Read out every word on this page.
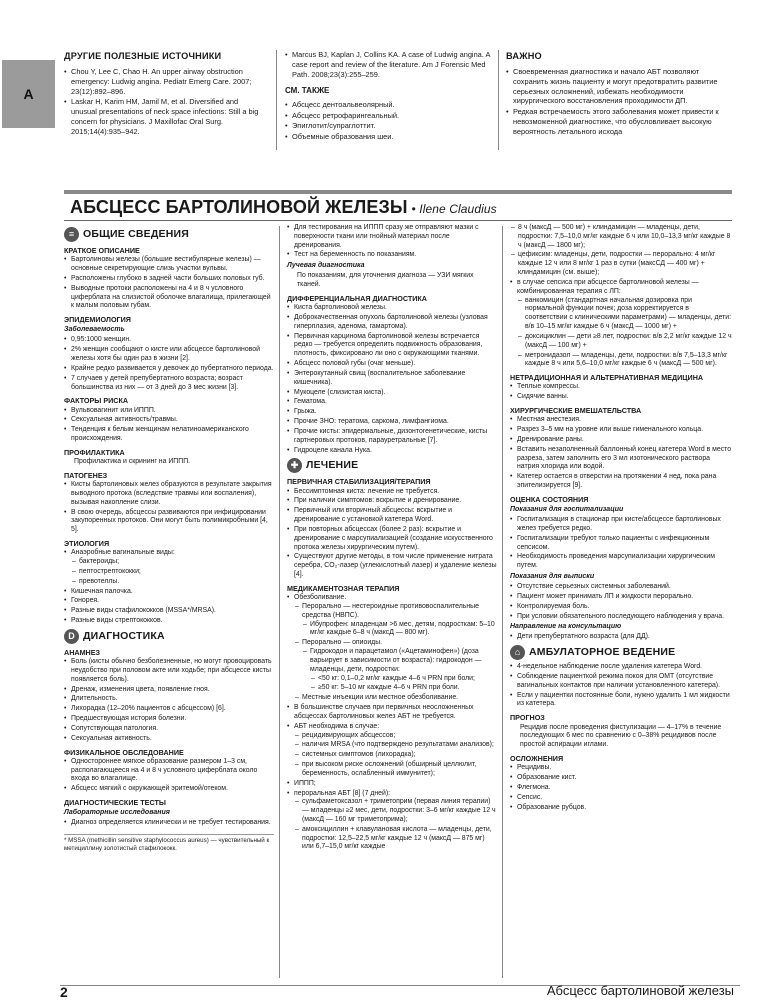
A
ДРУГИЕ ПОЛЕЗНЫЕ ИСТОЧНИКИ
• Chou Y, Lee C, Chao H. An upper airway obstruction emergency: Ludwig angina. Pediatr Emerg Care. 2007; 23(12):892–896.
• Laskar H, Karim HM, Jamil M, et al. Diversified and unusual presentations of neck space infections: Still a big concern for physicians. J Maxillofac Oral Surg. 2015;14(4):935–942.
• Marcus BJ, Kaplan J, Collins KA. A case of Ludwig angina. A case report and review of the literature. Am J Forensic Med Path. 2008;23(3):255–259.
СМ. ТАКЖЕ
• Абсцесс дентоальвеолярный.
• Абсцесс ретрофарингеальный.
• Эпиглотит/супраглоттит.
• Объемные образования шеи.
ВАЖНО
• Своевременная диагностика и начало АБТ позволяют сохранить жизнь пациенту и могут предотвратить развитие серьезных осложнений, избежать необходимости хирургического восстановления проходимости ДП.
• Редкая встречаемость этого заболевания может привести к невозможенной диагностике, что обусловливает высокую вероятность летального исхода
АБСЦЕСС БАРТОЛИНОВОЙ ЖЕЛЕЗЫ • Ilene Claudius
≡ ОБЩИЕ СВЕДЕНИЯ
КРАТКОЕ ОПИСАНИЕ
• Бартолиновы железы (большие вестибулярные железы) — основные секретирующие слизь участки вульвы.
• Расположены глубоко в задней части больших половых губ.
• Выводные протоки расположены на 4 и 8 ч условного циферблата на слизистой оболочке влагалища, прилегающей к малым половым губам.
ЭПИДЕМИОЛОГИЯ
Заболеваемость
• 0,95:1000 женщин.
• 2% женщин сообщают о кисте или абсцессе бартолиновой железы хотя бы один раз в жизни [2].
• Крайне редко развивается у девочек до пубертатного периода.
• 7 случаев у детей препубертатного возраста; возраст большинства из них — от 3 дней до 3 мес жизни [3].
ФАКТОРЫ РИСКА
• Вульвовагинит или ИППП.
• Сексуальная активность/травмы.
• Тенденция к белым женщинам нелатиноамериканского происхождения.
ПРОФИЛАКТИКА

Профилактика и скрининг на ИППП.

ПАТОГЕНЕЗ
• Кисты бартолиновых желез образуются в результате закрытия выводного протока (вследствие травмы или воспаления), вызывая накопление слизи.
• В свою очередь, абсцессы развиваются при инфицировании закупоренных протоков. Они могут быть полимикробными [4, 5].
ЭТИОЛОГИЯ
• Анаэробные вагинальные виды:
– бактероиды;
– пептострептококки;
– превотеллы.
• Кишечная палочка.
• Гонорея.
• Разные виды стафилококков (MSSA*/MRSA).
• Разные виды стрептококков.
D ДИАГНОСТИКА
АНАМНЕЗ
• Боль (кисты обычно безболезненные, но могут провоцировать неудобство при половом акте или ходьбе; при абсцессе кисты появляется боль).
• Дренаж, изменения цвета, появление гноя.
• Длительность.
• Лихорадка (12–20% пациентов с абсцессом) [6].
• Предшествующая история болезни.
• Сопутствующая патология.
• Сексуальная активность.
ФИЗИКАЛЬНОЕ ОБСЛЕДОВАНИЕ
• Одностороннее мягкое образование размером 1–3 см, располагающееся на 4 и 8 ч условного циферблата около входа во влагалище.
• Абсцесс мягкий с окружающей эритемой/отеком.
ДИАГНОСТИЧЕСКИЕ ТЕСТЫ
Лабораторные исследования
• Диагноз определяется клинически и не требует тестирования.
* MSSA (methicillin sensitive staphylococcus aureus) — чувствительный к метициллину золотистый стафилококк.
• Для тестирования на ИППП сразу же отправляют мазки с поверхности ткани или гнойный материал после дренирования.
• Тест на беременность по показаниям.
Лучевая диагностика

По показаниям, для уточнения диагноза — УЗИ мягких тканей.

ДИФФЕРЕНЦИАЛЬНАЯ ДИАГНОСТИКА
• Киста бартолиновой железы.
• Доброкачественная опухоль бартолиновой железы (узловая гиперплазия, аденома, гамартома).
• Первичная карцинома бартолиновой железы встречается редко — требуется определить подвижность образования, плотность, фиксировано ли оно с окружающими тканями.
• Абсцесс половой губы (очаг меньше).
• Энтерокутанный свищ (воспалительное заболевание кишечника).
• Мукоцеле (слизистая киста).
• Гематома.
• Грыжа.
• Прочие ЗНО: тератома, саркома, лимфангиома.
• Прочие кисты: эпидермальные, дизонтогенетические, кисты гартнеровых протоков, парауретральные [7].
• Гидроцеле канала Нука.
✚ ЛЕЧЕНИЕ
ПЕРВИЧНАЯ СТАБИЛИЗАЦИЯ/ТЕРАПИЯ
• Бессимптомная киста: лечение не требуется.
• При наличии симптомов: вскрытие и дренирование.
• Первичный или вторичный абсцессы: вскрытие и дренирование с установкой катетера Word.
• При повторных абсцессах (более 2 раз): вскрытие и дренирование с марсупиализацией (создание искусственного протока железы хирургическим путем).
• Существуют другие методы, в том числе применение нитрата серебра, CO₂-лазер (углекислотный лазер) и удаление железы [4].
МЕДИКАМЕНТОЗНАЯ ТЕРАПИЯ
• Обезболивание.
– Перорально — нестероидные противовоспалительные средства (НВПС).
– Ибупрофен: младенцам >6 мес, детям, подросткам: 5–10 мг/кг каждые 6–8 ч (максД — 800 мг).
– Перорально — опиоиды.
– Гидрокодон и парацетамол («Ацетаминофен») (доза варьирует в зависимости от возраста): гидрокодон — младенцы, дети, подростки:
– <50 кг: 0,1–0,2 мг/кг каждые 4–6 ч PRN при боли;
– ≥50 кг: 5–10 мг каждые 4–6 ч PRN при боли.
– Местные инъекции или местное обезболивание.
• В большинстве случаев при первичных неосложненных абсцессах бартолиновых желез АБТ не требуется.
• АБТ необходима в случае:
– рецидивирующих абсцессов;
– наличия MRSA (что подтверждено результатами анализов);
– системных симптомов (лихорадка);
– при высоком риске осложнений (обширный целлюлит, беременность, ослабленный иммунитет);
• ИППП;
• пероральная АБТ [8] (7 дней):
– сульфаметоксазол + триметоприм (первая линия терапии) — младенцы ≥2 мес, дети, подростки: 3–6 мг/кг каждые 12 ч (максД — 160 мг триметоприма);
– амоксициллин + клавулановая кислота — младенцы, дети, подростки: 12,5–22,5 мг/кг каждые 12 ч (максД — 875 мг) или 6,7–15,0 мг/кг каждые
– 8 ч (максД — 500 мг) + клиндамицин — младенцы, дети, подростки: 7,5–10,0 мг/кг каждые 6 ч или 10,0–13,3 мг/кг каждые 8 ч (максД — 1800 мг);
– цефиксим: младенцы, дети, подростки — перорально: 4 мг/кг каждые 12 ч или 8 мг/кг 1 раз в сутки (максСД — 400 мг) + клиндамицин (см. выше);
• в случае сепсиса при абсцессе бартолиновой железы — комбинированная терапия с ЛП:
– ванкомицин (стандартная начальная дозировка при нормальной функции почек; доза корректируется в соответствии с клиническими параметрами) — младенцы, дети: в/в 10–15 мг/кг каждые 6 ч (максД — 1000 мг) +
– доксициклин — дети ≥8 лет, подростки: в/в 2,2 мг/кг каждые 12 ч (максД — 100 мг) +
– метронидазол — младенцы, дети, подростки: в/в 7,5–13,3 мг/кг каждые 8 ч или 5,6–10,0 мг/кг каждые 6 ч (максД — 500 мг).
НЕТРАДИЦИОННАЯ И АЛЬТЕРНАТИВНАЯ МЕДИЦИНА
• Теплые компрессы.
• Сидячие ванны.
ХИРУРГИЧЕСКИЕ ВМЕШАТЕЛЬСТВА
• Местная анестезия.
• Разрез 3–5 мм на уровне или выше гименального кольца.
• Дренирование раны.
• Вставить незаполненный баллонный конец катетера Word в место разреза, затем заполнить его 3 мл изотонического раствора натрия хлорида или водой.
• Катетер остается в отверстии на протяжении 4 нед, пока рана эпителизируется [9].
ОЦЕНКА СОСТОЯНИЯ
Показания для госпитализации
• Госпитализация в стационар при кисте/абсцессе бартолиновых желез требуется редко.
• Госпитализации требуют только пациенты с инфекционным сепсисом.
• Необходимость проведения марсупиализации хирургическим путем.
Показания для выписки
• Отсутствие серьезных системных заболеваний.
• Пациент может принимать ЛП и жидкости перорально.
• Контролируемая боль.
• При условии обязательного последующего наблюдения у врача.
Направление на консультацию
• Дети препубертатного возраста (для ДД).
⌂ АМБУЛАТОРНОЕ ВЕДЕНИЕ
• 4-недельное наблюдение после удаления катетера Word.
• Соблюдение пациенткой режима покоя для ОМТ (отсутствие вагинальных контактов при наличии установленного катетера).
• Если у пациентки постоянные боли, нужно удалить 1 мл жидкости из катетера.
ПРОГНОЗ

Рецидив после проведения фистулизации — 4–17% в течение последующих 6 мес по сравнению с 0–38% рецидивов после простой аспирации иглами.

ОСЛОЖНЕНИЯ
• Рецидивы.
• Образование кист.
• Флегмона.
• Сепсис.
• Образование рубцов.
2	Абсцесс бартолиновой железы
